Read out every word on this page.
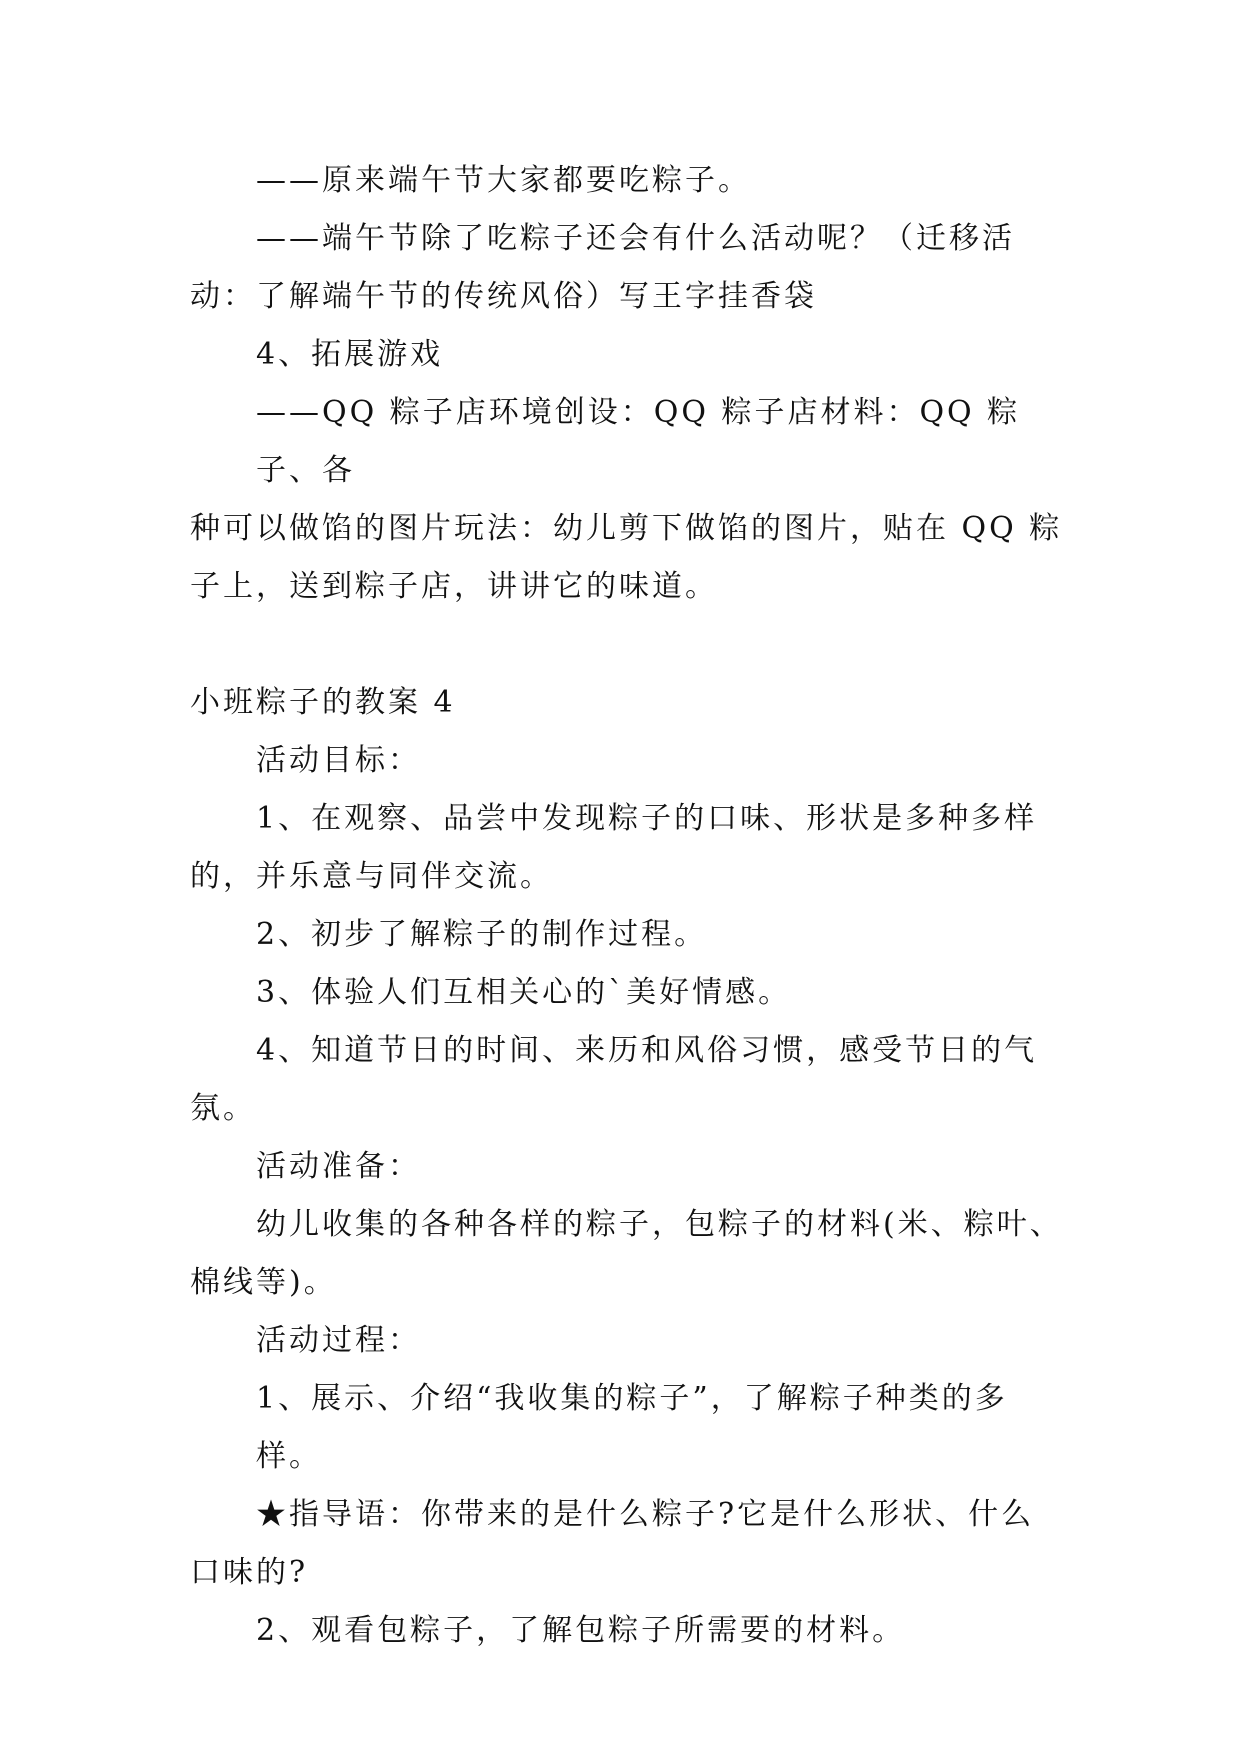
——原来端午节大家都要吃粽子。

——端午节除了吃粽子还会有什么活动呢？（迁移活

动：了解端午节的传统风俗）写王字挂香袋

4、拓展游戏

——QQ 粽子店环境创设：QQ 粽子店材料：QQ 粽子、各

种可以做馅的图片玩法：幼儿剪下做馅的图片，贴在 QQ 粽

子上，送到粽子店，讲讲它的味道。

小班粽子的教案 4

活动目标：

1、在观察、品尝中发现粽子的口味、形状是多种多样

的，并乐意与同伴交流。

2、初步了解粽子的制作过程。

3、体验人们互相关心的`美好情感。

4、知道节日的时间、来历和风俗习惯，感受节日的气

氛。

活动准备：

幼儿收集的各种各样的粽子，包粽子的材料(米、粽叶、

棉线等)。

活动过程：

1、展示、介绍“我收集的粽子”，了解粽子种类的多样。

★指导语：你带来的是什么粽子?它是什么形状、什么

口味的?

2、观看包粽子，了解包粽子所需要的材料。
